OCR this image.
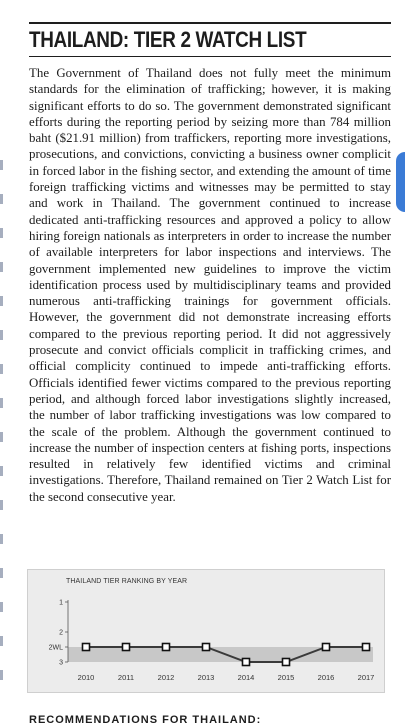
THAILAND: TIER 2 WATCH LIST
The Government of Thailand does not fully meet the minimum standards for the elimination of trafficking; however, it is making significant efforts to do so. The government demonstrated significant efforts during the reporting period by seizing more than 784 million baht ($21.91 million) from traffickers, reporting more investigations, prosecutions, and convictions, convicting a business owner complicit in forced labor in the fishing sector, and extending the amount of time foreign trafficking victims and witnesses may be permitted to stay and work in Thailand. The government continued to increase dedicated anti-trafficking resources and approved a policy to allow hiring foreign nationals as interpreters in order to increase the number of available interpreters for labor inspections and interviews. The government implemented new guidelines to improve the victim identification process used by multidisciplinary teams and provided numerous anti-trafficking trainings for government officials. However, the government did not demonstrate increasing efforts compared to the previous reporting period. It did not aggressively prosecute and convict officials complicit in trafficking crimes, and official complicity continued to impede anti-trafficking efforts. Officials identified fewer victims compared to the previous reporting period, and although forced labor investigations slightly increased, the number of labor trafficking investigations was low compared to the scale of the problem. Although the government continued to increase the number of inspection centers at fishing ports, inspections resulted in relatively few identified victims and criminal investigations. Therefore, Thailand remained on Tier 2 Watch List for the second consecutive year.
THAILAND TIER RANKING BY YEAR
1
2
2WL
3
2010	2011	2012	2013	2014	2015	2016	2017
RECOMMENDATIONS FOR THAILAND:
